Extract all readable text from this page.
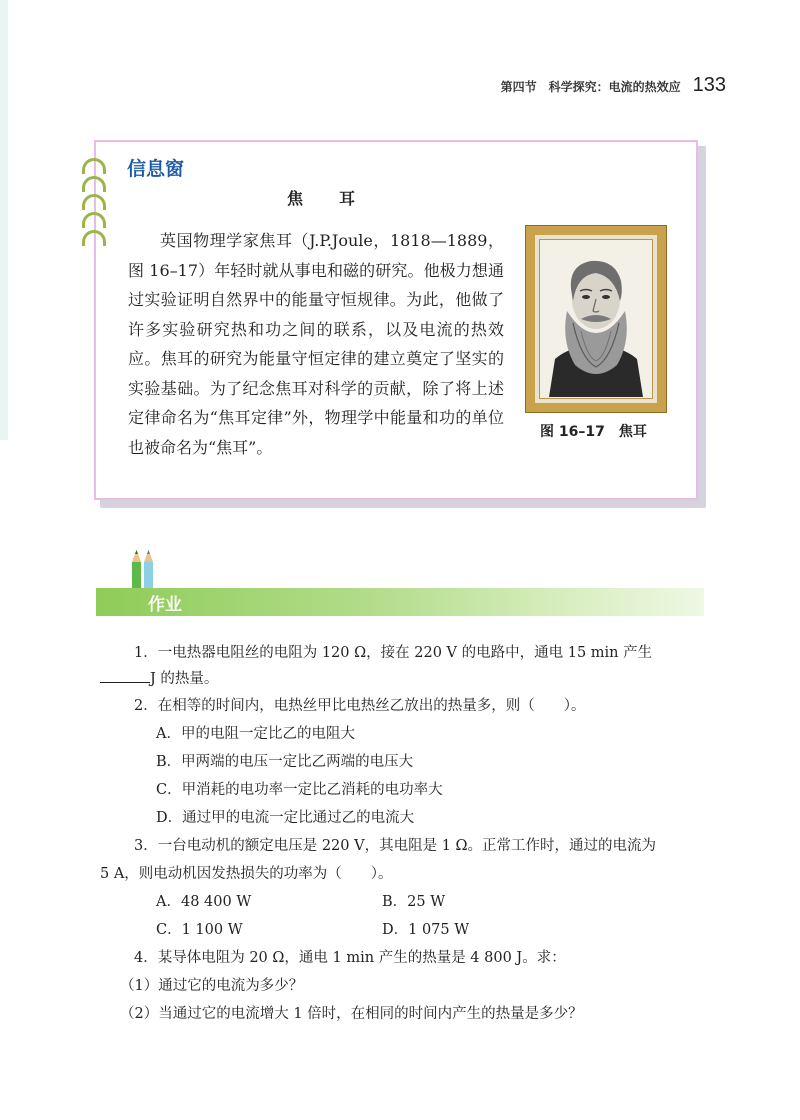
第四节　科学探究：电流的热效应 133
信息窗
焦　耳

英国物理学家焦耳（J.P.Joule，1818—1889，图 16–17）年轻时就从事电和磁的研究。他极力想通过实验证明自然界中的能量守恒规律。为此，他做了许多实验研究热和功之间的联系，以及电流的热效应。焦耳的研究为能量守恒定律的建立奠定了坚实的实验基础。为了纪念焦耳对科学的贡献，除了将上述定律命名为“焦耳定律”外，物理学中能量和功的单位也被命名为“焦耳”。

图 16–17　焦耳
作业
1．一电热器电阻丝的电阻为 120 Ω，接在 220 V 的电路中，通电 15 min 产生
J 的热量。
2．在相等的时间内，电热丝甲比电热丝乙放出的热量多，则（　　）。
A．甲的电阻一定比乙的电阻大
B．甲两端的电压一定比乙两端的电压大
C．甲消耗的电功率一定比乙消耗的电功率大
D．通过甲的电流一定比通过乙的电流大
3．一台电动机的额定电压是 220 V，其电阻是 1 Ω。正常工作时，通过的电流为
5 A，则电动机因发热损失的功率为（　　）。
A．48 400 W	B．25 W
C．1 100 W	D．1 075 W
4．某导体电阻为 20 Ω，通电 1 min 产生的热量是 4 800 J。求：
（1）通过它的电流为多少？
（2）当通过它的电流增大 1 倍时，在相同的时间内产生的热量是多少？
